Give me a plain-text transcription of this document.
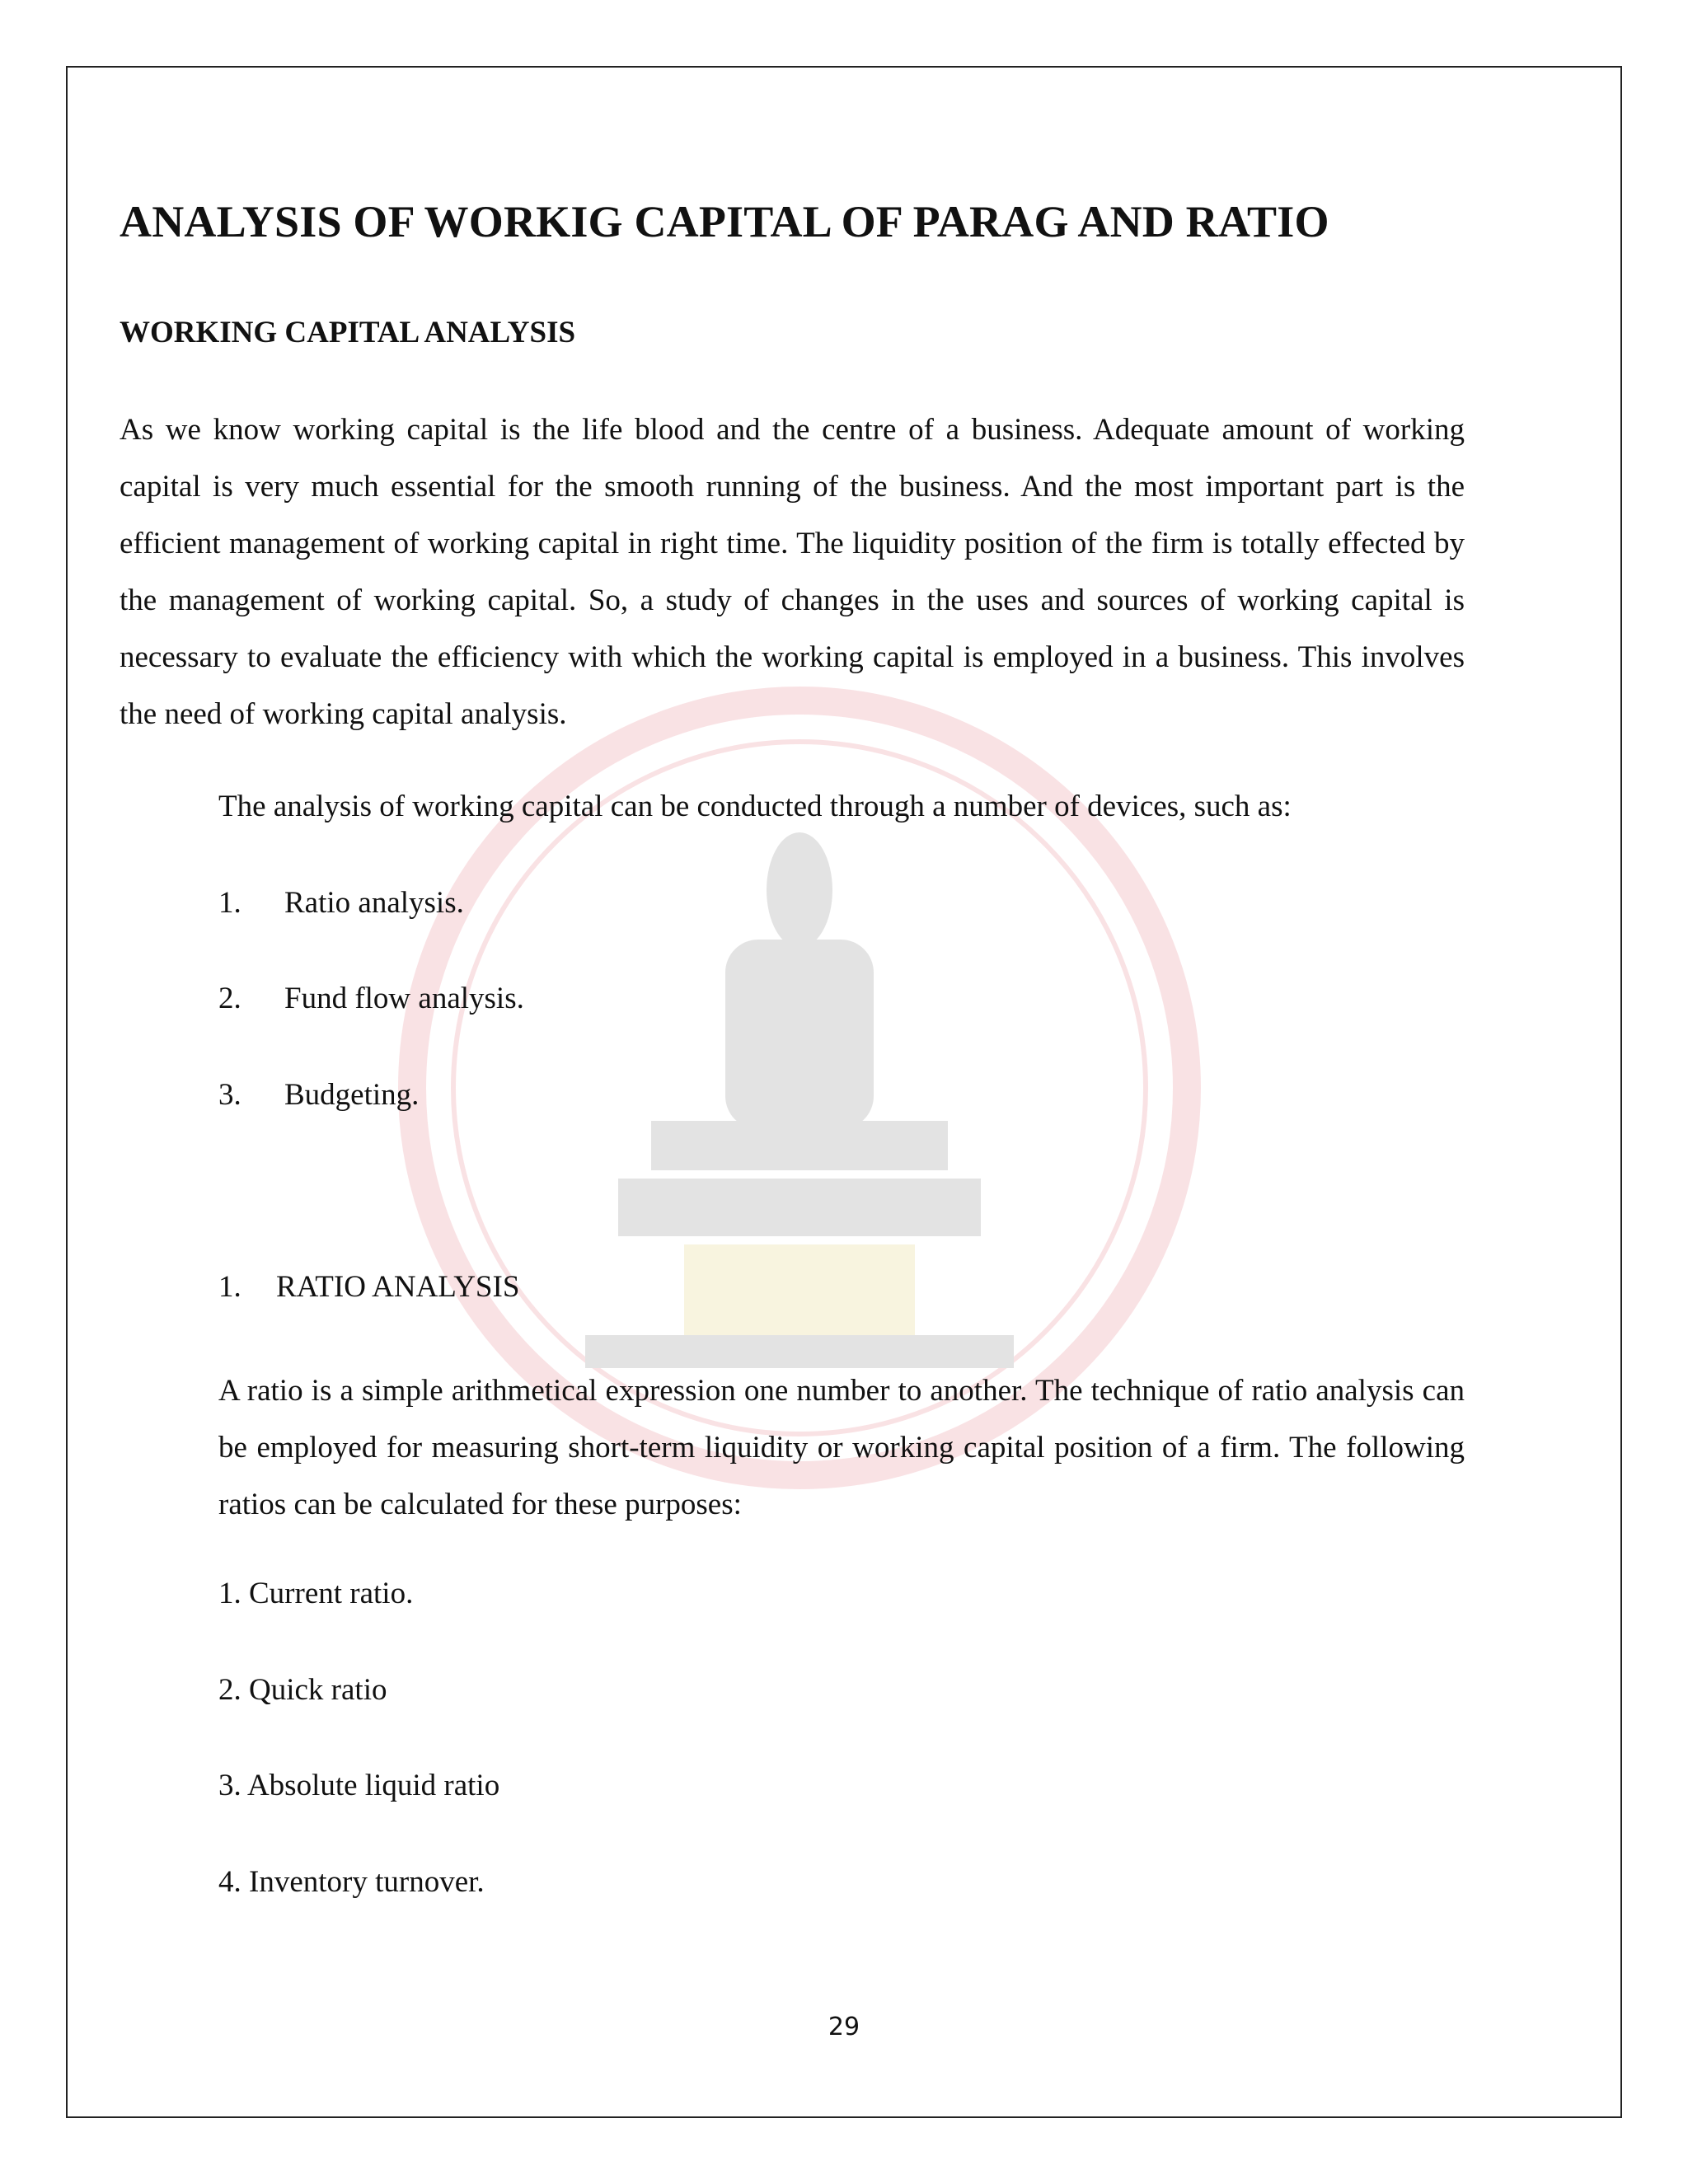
ANALYSIS OF WORKIG CAPITAL OF PARAG AND RATIO
WORKING CAPITAL ANALYSIS

As we know working capital is the life blood and the centre of a business. Adequate amount of working capital is very much essential for the smooth running of the business. And the most important part is the efficient management of working capital in right time. The liquidity position of the firm is totally effected by the management of working capital. So, a study of changes in the uses and sources of working capital is necessary to evaluate the efficiency with which the working capital is employed in a business. This involves the need of working capital analysis.

The analysis of working capital can be conducted through a number of devices, such as:

1. Ratio analysis.
2. Fund flow analysis.
3. Budgeting.
1. RATIO ANALYSIS

A ratio is a simple arithmetical expression one number to another. The technique of ratio analysis can be employed for measuring short-term liquidity or working capital position of a firm. The following ratios can be calculated for these purposes:

1. Current ratio.
2. Quick ratio
3. Absolute liquid ratio
4. Inventory turnover.
29
